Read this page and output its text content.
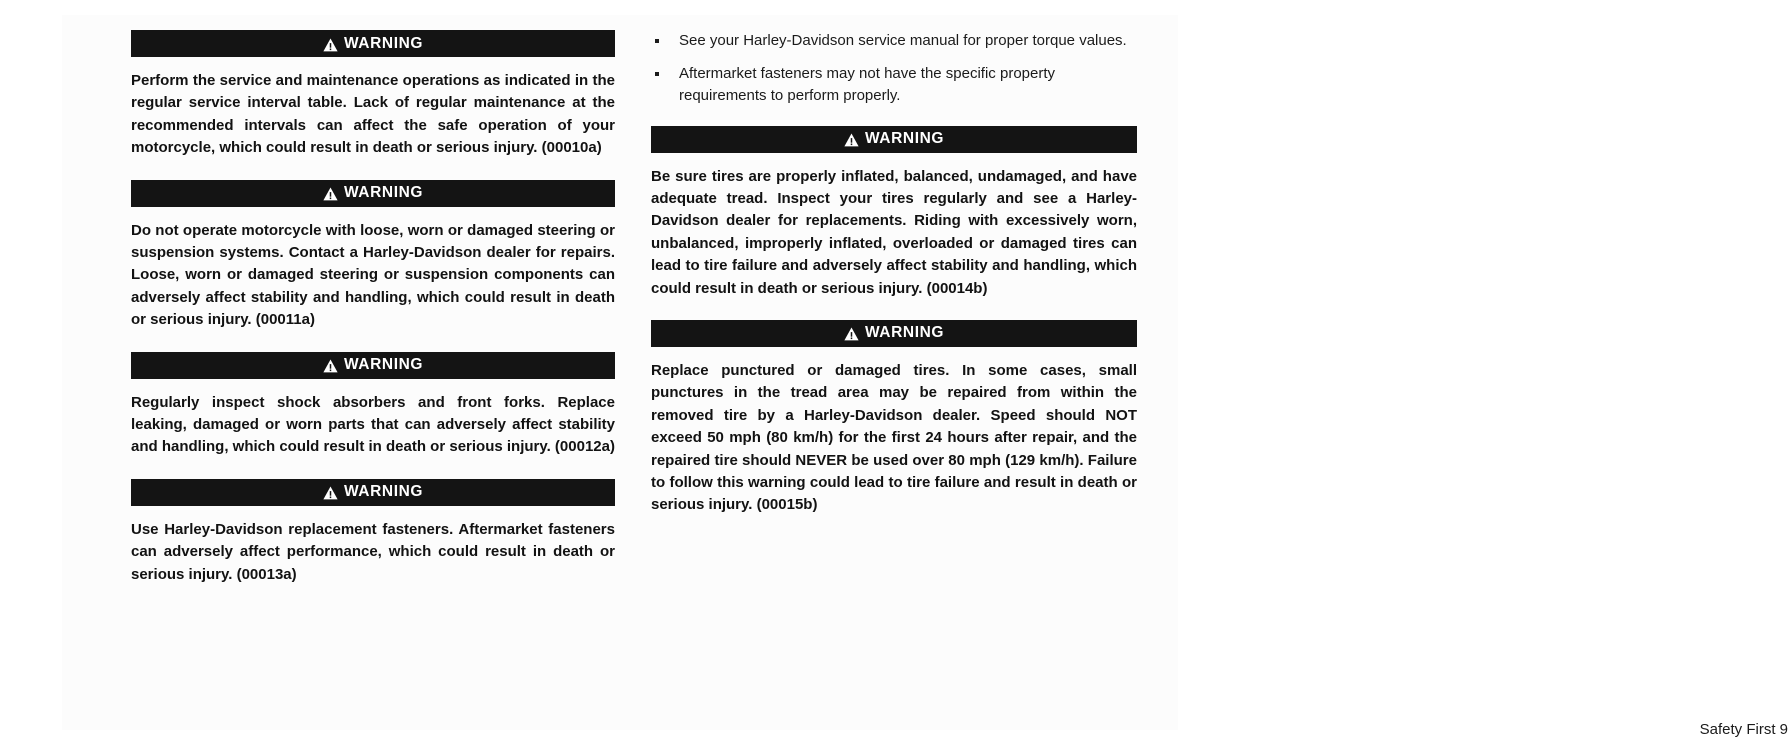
WARNING

Perform the service and maintenance operations as indicated in the regular service interval table. Lack of regular maintenance at the recommended intervals can affect the safe operation of your motorcycle, which could result in death or serious injury. (00010a)

WARNING

Do not operate motorcycle with loose, worn or damaged steering or suspension systems. Contact a Harley-Davidson dealer for repairs. Loose, worn or damaged steering or suspension components can adversely affect stability and handling, which could result in death or serious injury. (00011a)

WARNING

Regularly inspect shock absorbers and front forks. Replace leaking, damaged or worn parts that can adversely affect stability and handling, which could result in death or serious injury. (00012a)

WARNING

Use Harley-Davidson replacement fasteners. Aftermarket fasteners can adversely affect performance, which could result in death or serious injury. (00013a)

See your Harley-Davidson service manual for proper torque values.
Aftermarket fasteners may not have the specific property requirements to perform properly.
WARNING

Be sure tires are properly inflated, balanced, undamaged, and have adequate tread. Inspect your tires regularly and see a Harley-Davidson dealer for replacements. Riding with excessively worn, unbalanced, improperly inflated, overloaded or damaged tires can lead to tire failure and adversely affect stability and handling, which could result in death or serious injury. (00014b)

WARNING

Replace punctured or damaged tires. In some cases, small punctures in the tread area may be repaired from within the removed tire by a Harley-Davidson dealer. Speed should NOT exceed 50 mph (80 km/h) for the first 24 hours after repair, and the repaired tire should NEVER be used over 80 mph (129 km/h). Failure to follow this warning could lead to tire failure and result in death or serious injury. (00015b)

Safety First 9
